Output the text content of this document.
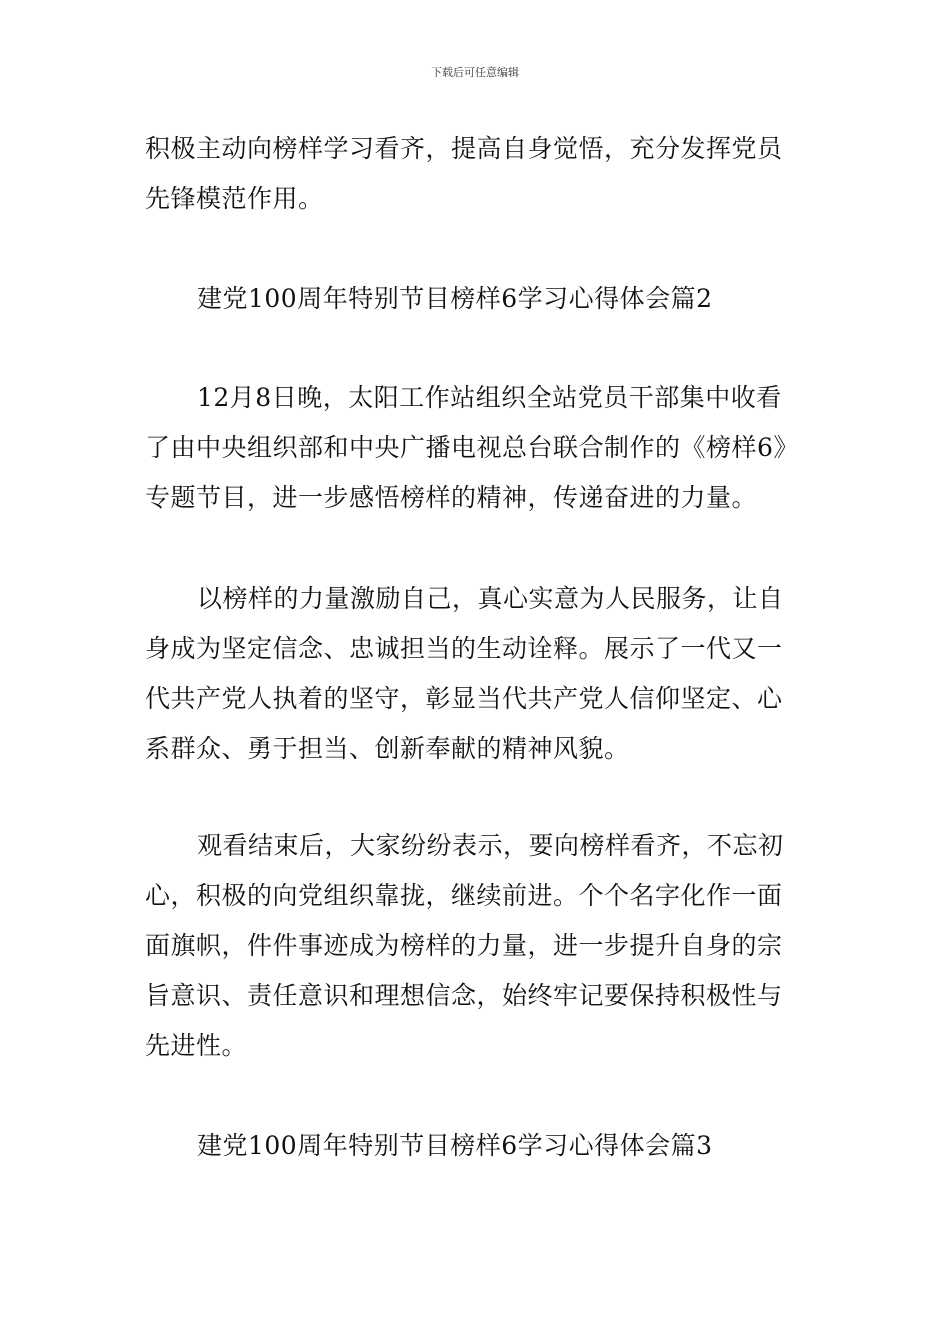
下载后可任意编辑
积极主动向榜样学习看齐，提高自身觉悟，充分发挥党员
先锋模范作用。
建党100周年特别节目榜样6学习心得体会篇2
12月8日晚，太阳工作站组织全站党员干部集中收看
了由中央组织部和中央广播电视总台联合制作的《榜样6》
专题节目，进一步感悟榜样的精神，传递奋进的力量。
以榜样的力量激励自己，真心实意为人民服务，让自
身成为坚定信念、忠诚担当的生动诠释。展示了一代又一
代共产党人执着的坚守，彰显当代共产党人信仰坚定、心
系群众、勇于担当、创新奉献的精神风貌。
观看结束后，大家纷纷表示，要向榜样看齐，不忘初
心，积极的向党组织靠拢，继续前进。个个名字化作一面
面旗帜，件件事迹成为榜样的力量，进一步提升自身的宗
旨意识、责任意识和理想信念，始终牢记要保持积极性与
先进性。
建党100周年特别节目榜样6学习心得体会篇3
